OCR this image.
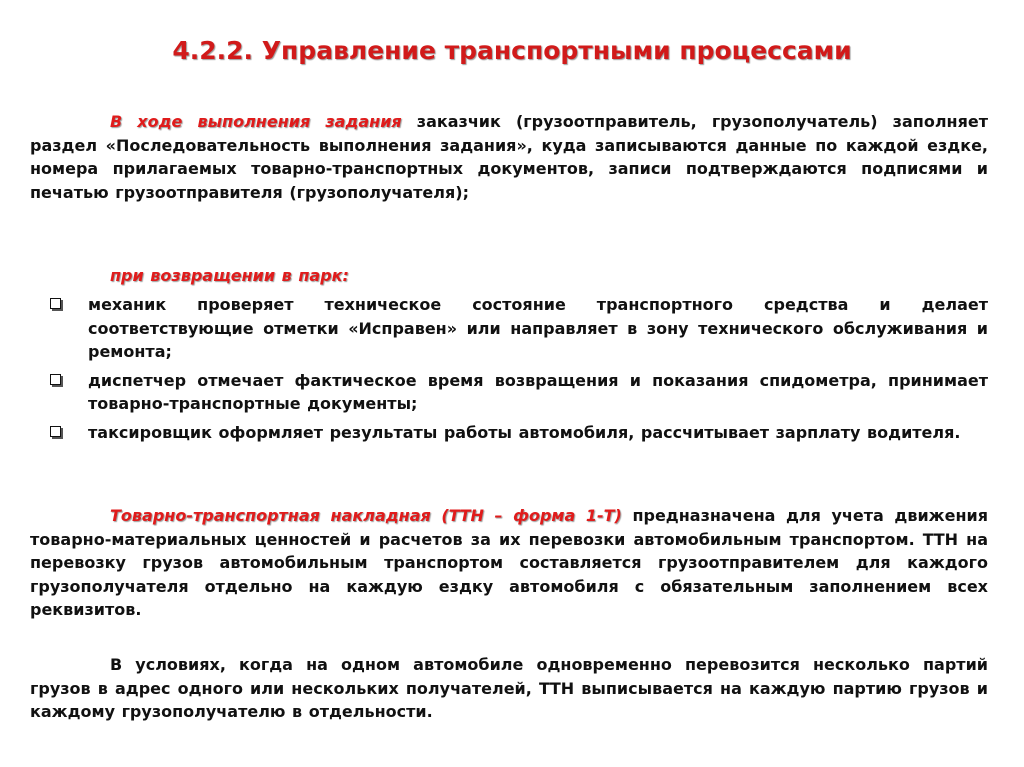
4.2.2. Управление транспортными процессами
В ходе выполнения задания заказчик (грузоотправитель, грузополучатель) заполняет раздел «Последовательность выполнения задания», куда записываются данные по каждой ездке, номера прилагаемых товарно-транспортных документов, записи подтверждаются подписями и печатью грузоотправителя (грузополучателя);
при возвращении в парк:
механик проверяет техническое состояние транспортного средства и делает соответствующие отметки «Исправен» или направляет в зону технического обслуживания и ремонта;
диспетчер отмечает фактическое время возвращения и показания спидометра, принимает товарно-транспортные документы;
таксировщик оформляет результаты работы автомобиля, рассчитывает зарплату водителя.
Товарно-транспортная накладная (ТТН – форма 1-Т) предназначена для учета движения товарно-материальных ценностей и расчетов за их перевозки автомобильным транспортом. ТТН на перевозку грузов автомобильным транспортом составляется грузоотправителем для каждого грузополучателя отдельно на каждую ездку автомобиля с обязательным заполнением всех реквизитов.
В условиях, когда на одном автомобиле одновременно перевозится несколько партий грузов в адрес одного или нескольких получателей, ТТН выписывается на каждую партию грузов и каждому грузополучателю в отдельности.
